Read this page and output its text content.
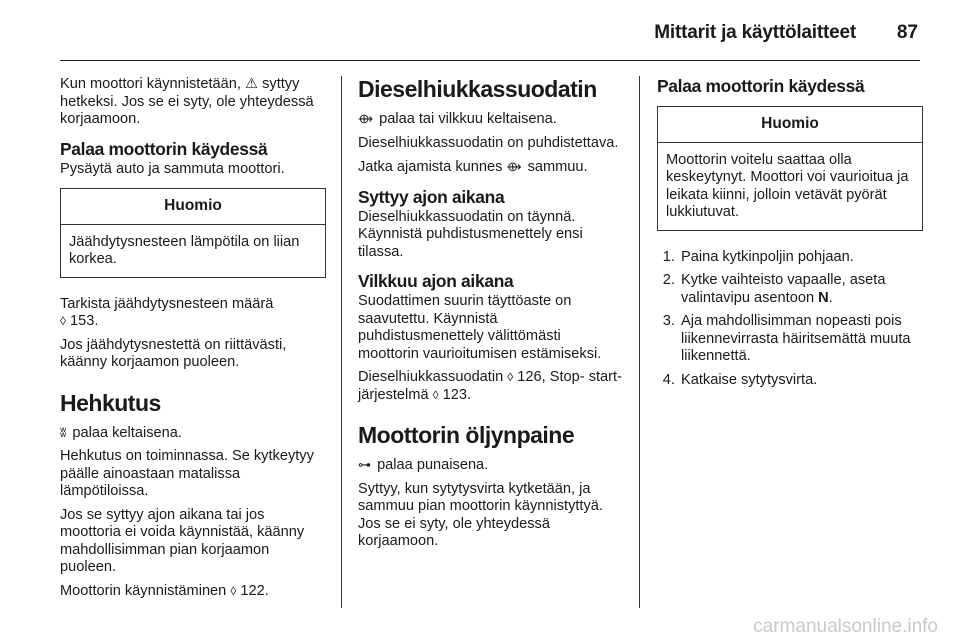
Mittarit ja käyttölaitteet 87

Kun moottori käynnistetään, ⚠ syttyy hetkeksi. Jos se ei syty, ole yhteydessä korjaamoon.

Palaa moottorin käydessä

Pysäytä auto ja sammuta moottori.

Huomio
Jäähdytysnesteen lämpötila on liian korkea.

Tarkista jäähdytysnesteen määrä
◊ 153.

Jos jäähdytysnestettä on riittävästi, käänny korjaamon puoleen.

Hehkutus

ʬ palaa keltaisena.

Hehkutus on toiminnassa. Se kytkeytyy päälle ainoastaan matalissa lämpötiloissa.

Jos se syttyy ajon aikana tai jos moottoria ei voida käynnistää, käänny mahdollisimman pian korjaamon puoleen.

Moottorin käynnistäminen ◊ 122.

Dieselhiukkassuodatin

⟴ palaa tai vilkkuu keltaisena.

Dieselhiukkassuodatin on puhdistettava.

Jatka ajamista kunnes ⟴ sammuu.

Syttyy ajon aikana

Dieselhiukkassuodatin on täynnä. Käynnistä puhdistusmenettely ensi tilassa.

Vilkkuu ajon aikana

Suodattimen suurin täyttöaste on saavutettu. Käynnistä puhdistusmenettely välittömästi moottorin vaurioitumisen estämiseksi.

Dieselhiukkassuodatin ◊ 126, Stop- start-järjestelmä ◊ 123.

Moottorin öljynpaine

⊶ palaa punaisena.

Syttyy, kun sytytysvirta kytketään, ja sammuu pian moottorin käynnistyttyä. Jos se ei syty, ole yhteydessä korjaamoon.

Palaa moottorin käydessä
Huomio
Moottorin voitelu saattaa olla keskeytynyt. Moottori voi vaurioitua ja leikata kiinni, jolloin vetävät pyörät lukkiutuvat.
1. Paina kytkinpoljin pohjaan.
2. Kytke vaihteisto vapaalle, aseta valintavipu asentoon N.
3. Aja mahdollisimman nopeasti pois liikennevirrasta häiritsemättä muuta liikennettä.
4. Katkaise sytytysvirta.
carmanualsonline.info
